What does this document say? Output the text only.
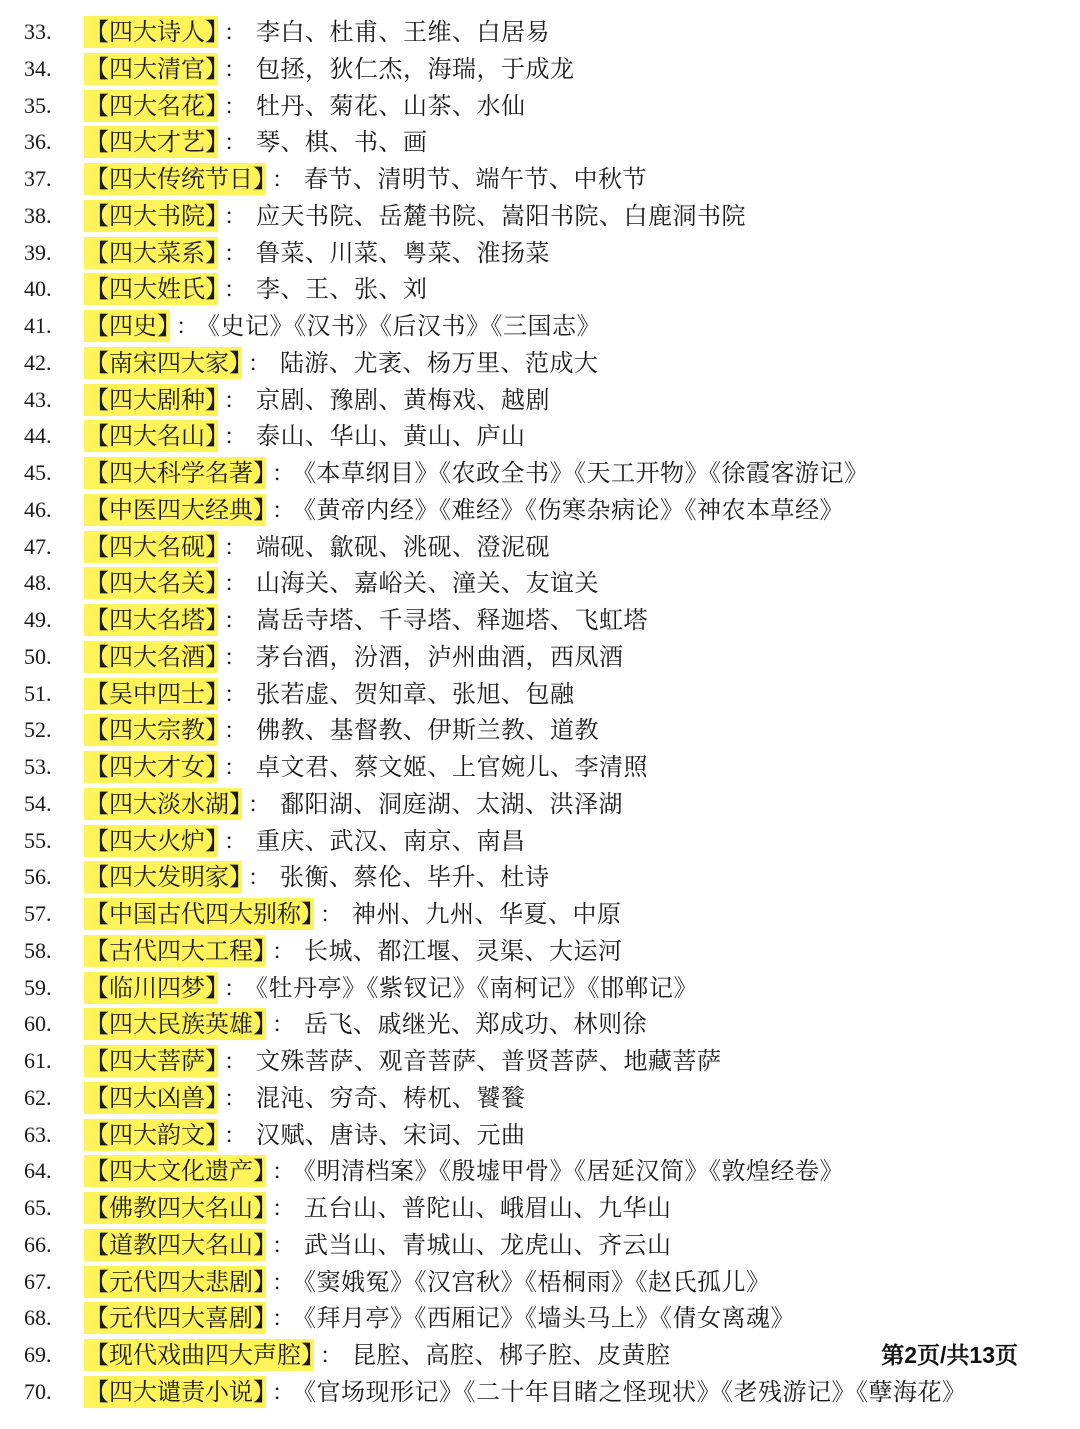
33.	【四大诗人】 ： 李白、杜甫、王维、白居易
34.	【四大清官】 ： 包拯，狄仁杰，海瑞，于成龙
35.	【四大名花】 ： 牡丹、菊花、山茶、水仙
36.	【四大才艺】 ： 琴、棋、书、画
37.	【四大传统节日】 ： 春节、清明节、端午节、中秋节
38.	【四大书院】 ： 应天书院、岳麓书院、嵩阳书院、白鹿洞书院
39.	【四大菜系】 ： 鲁菜、川菜、粤菜、淮扬菜
40.	【四大姓氏】 ： 李、王、张、刘
41.	【四史】 ： 《史记》《汉书》《后汉书》《三国志》
42.	【南宋四大家】 ： 陆游、尤袤、杨万里、范成大
43.	【四大剧种】 ： 京剧、豫剧、黄梅戏、越剧
44.	【四大名山】 ： 泰山、华山、黄山、庐山
45.	【四大科学名著】 ： 《本草纲目》《农政全书》《天工开物》《徐霞客游记》
46.	【中医四大经典】 ： 《黄帝内经》《难经》《伤寒杂病论》《神农本草经》
47.	【四大名砚】 ： 端砚、歙砚、洮砚、澄泥砚
48.	【四大名关】 ： 山海关、嘉峪关、潼关、友谊关
49.	【四大名塔】 ： 嵩岳寺塔、千寻塔、释迦塔、飞虹塔
50.	【四大名酒】 ： 茅台酒，汾酒，泸州曲酒，西凤酒
51.	【吴中四士】 ： 张若虚、贺知章、张旭、包融
52.	【四大宗教】 ： 佛教、基督教、伊斯兰教、道教
53.	【四大才女】 ： 卓文君、蔡文姬、上官婉儿、李清照
54.	【四大淡水湖】 ： 鄱阳湖、洞庭湖、太湖、洪泽湖
55.	【四大火炉】 ： 重庆、武汉、南京、南昌
56.	【四大发明家】 ： 张衡、蔡伦、毕升、杜诗
57.	【中国古代四大别称】 ： 神州、九州、华夏、中原
58.	【古代四大工程】 ： 长城、都江堰、灵渠、大运河
59.	【临川四梦】 ： 《牡丹亭》《紫钗记》《南柯记》《邯郸记》
60.	【四大民族英雄】 ： 岳飞、戚继光、郑成功、林则徐
61.	【四大菩萨】 ： 文殊菩萨、观音菩萨、普贤菩萨、地藏菩萨
62.	【四大凶兽】 ： 混沌、穷奇、梼杌、饕餮
63.	【四大韵文】 ： 汉赋、唐诗、宋词、元曲
64.	【四大文化遗产】 ： 《明清档案》《殷墟甲骨》《居延汉简》《敦煌经卷》
65.	【佛教四大名山】 ： 五台山、普陀山、峨眉山、九华山
66.	【道教四大名山】 ： 武当山、青城山、龙虎山、齐云山
67.	【元代四大悲剧】 ： 《窦娥冤》《汉宫秋》《梧桐雨》《赵氏孤儿》
68.	【元代四大喜剧】 ： 《拜月亭》《西厢记》《墙头马上》《倩女离魂》
69.	【现代戏曲四大声腔】 ： 昆腔、高腔、梆子腔、皮黄腔	第2页/共13页
70.	【四大谴责小说】 ： 《官场现形记》《二十年目睹之怪现状》《老残游记》《孽海花》
